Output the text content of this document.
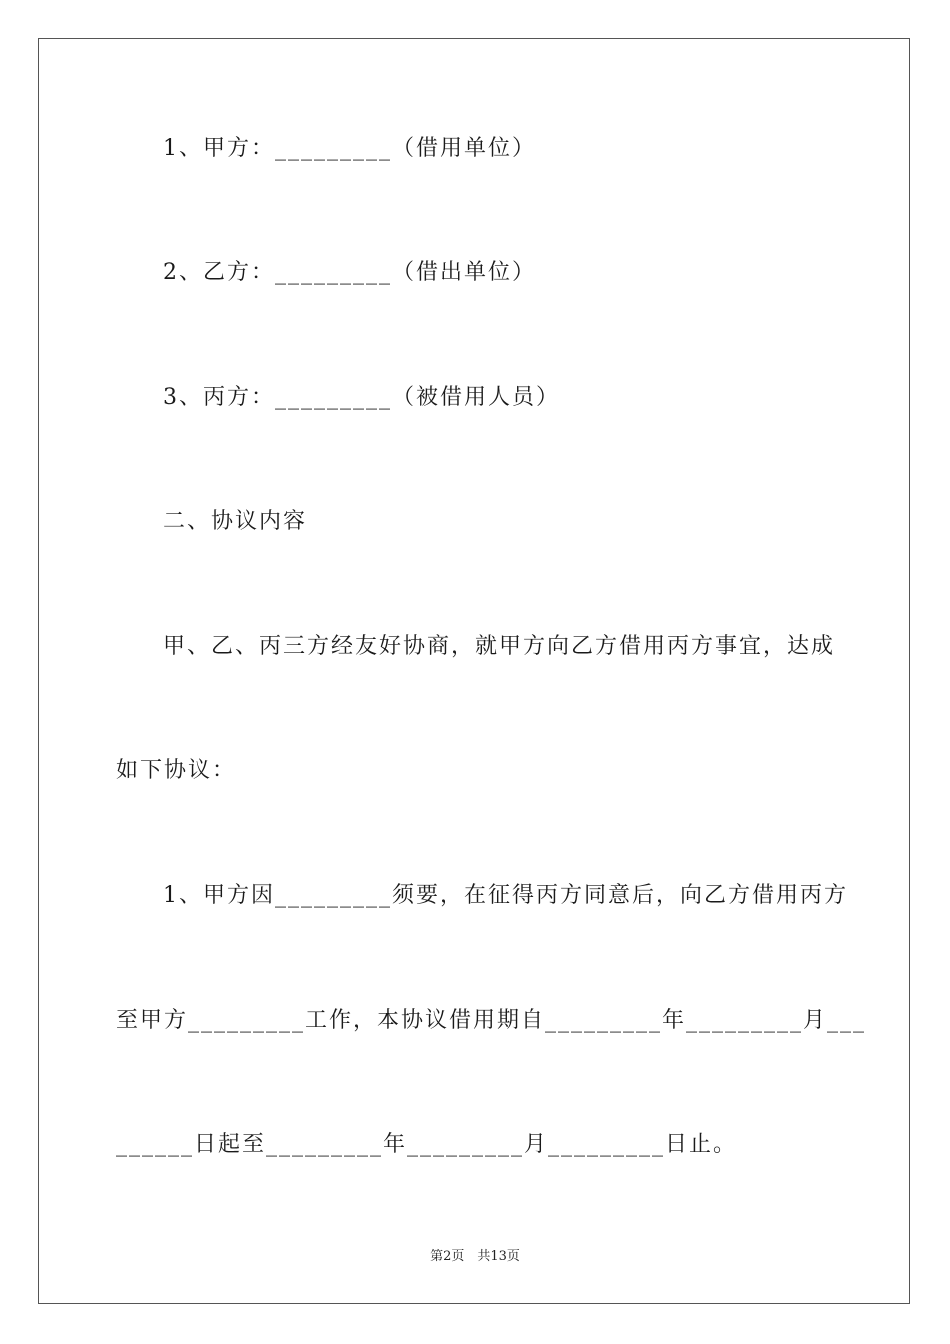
1、甲方：_________（借用单位）
2、乙方：_________（借出单位）
3、丙方：_________（被借用人员）
二、协议内容
甲、乙、丙三方经友好协商，就甲方向乙方借用丙方事宜，达成
如下协议：
1、甲方因_________须要，在征得丙方同意后，向乙方借用丙方
至甲方_________工作，本协议借用期自_________年_________月___
______日起至_________年_________月_________日止。
第2页　共13页
